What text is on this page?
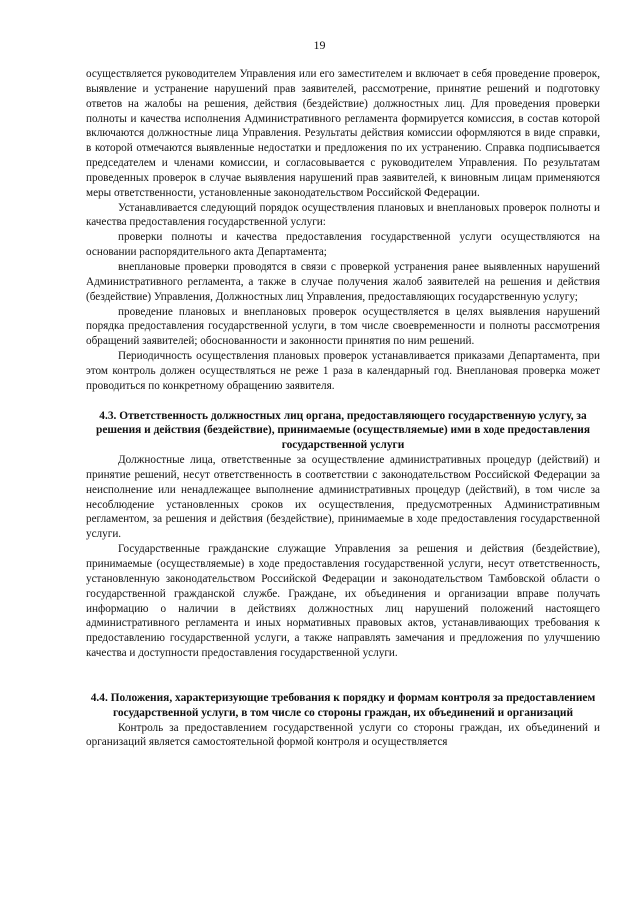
19

осуществляется руководителем Управления или его заместителем и включает в себя проведение проверок, выявление и устранение нарушений прав заявителей, рассмотрение, принятие решений и подготовку ответов на жалобы на решения, действия (бездействие) должностных лиц. Для проведения проверки полноты и качества исполнения Административного регламента формируется комиссия, в состав которой включаются должностные лица Управления. Результаты действия комиссии оформляются в виде справки, в которой отмечаются выявленные недостатки и предложения по их устранению. Справка подписывается председателем и членами комиссии, и согласовывается с руководителем Управления. По результатам проведенных проверок в случае выявления нарушений прав заявителей, к виновным лицам применяются меры ответственности, установленные законодательством Российской Федерации.

Устанавливается следующий порядок осуществления плановых и внеплановых проверок полноты и качества предоставления государственной услуги:

проверки полноты и качества предоставления государственной услуги осуществляются на основании распорядительного акта Департамента;

внеплановые проверки проводятся в связи с проверкой устранения ранее выявленных нарушений Административного регламента, а также в случае получения жалоб заявителей на решения и действия (бездействие) Управления, Должностных лиц Управления, предоставляющих государственную услугу;

проведение плановых и внеплановых проверок осуществляется в целях выявления нарушений порядка предоставления государственной услуги, в том числе своевременности и полноты рассмотрения обращений заявителей; обоснованности и законности принятия по ним решений.

Периодичность осуществления плановых проверок устанавливается приказами Департамента, при этом контроль должен осуществляться не реже 1 раза в календарный год. Внеплановая проверка может проводиться по конкретному обращению заявителя.

4.3. Ответственность должностных лиц органа, предоставляющего государственную услугу, за решения и действия (бездействие), принимаемые (осуществляемые) ими в ходе предоставления государственной услуги

Должностные лица, ответственные за осуществление административных процедур (действий) и принятие решений, несут ответственность в соответствии с законодательством Российской Федерации за неисполнение или ненадлежащее выполнение административных процедур (действий), в том числе за несоблюдение установленных сроков их осуществления, предусмотренных Административным регламентом, за решения и действия (бездействие), принимаемые в ходе предоставления государственной услуги.

Государственные гражданские служащие Управления за решения и действия (бездействие), принимаемые (осуществляемые) в ходе предоставления государственной услуги, несут ответственность, установленную законодательством Российской Федерации и законодательством Тамбовской области о государственной гражданской службе. Граждане, их объединения и организации вправе получать информацию о наличии в действиях должностных лиц нарушений положений настоящего административного регламента и иных нормативных правовых актов, устанавливающих требования к предоставлению государственной услуги, а также направлять замечания и предложения по улучшению качества и доступности предоставления государственной услуги.

4.4. Положения, характеризующие требования к порядку и формам контроля за предоставлением государственной услуги, в том числе со стороны граждан, их объединений и организаций

Контроль за предоставлением государственной услуги со стороны граждан, их объединений и организаций является самостоятельной формой контроля и осуществляется
